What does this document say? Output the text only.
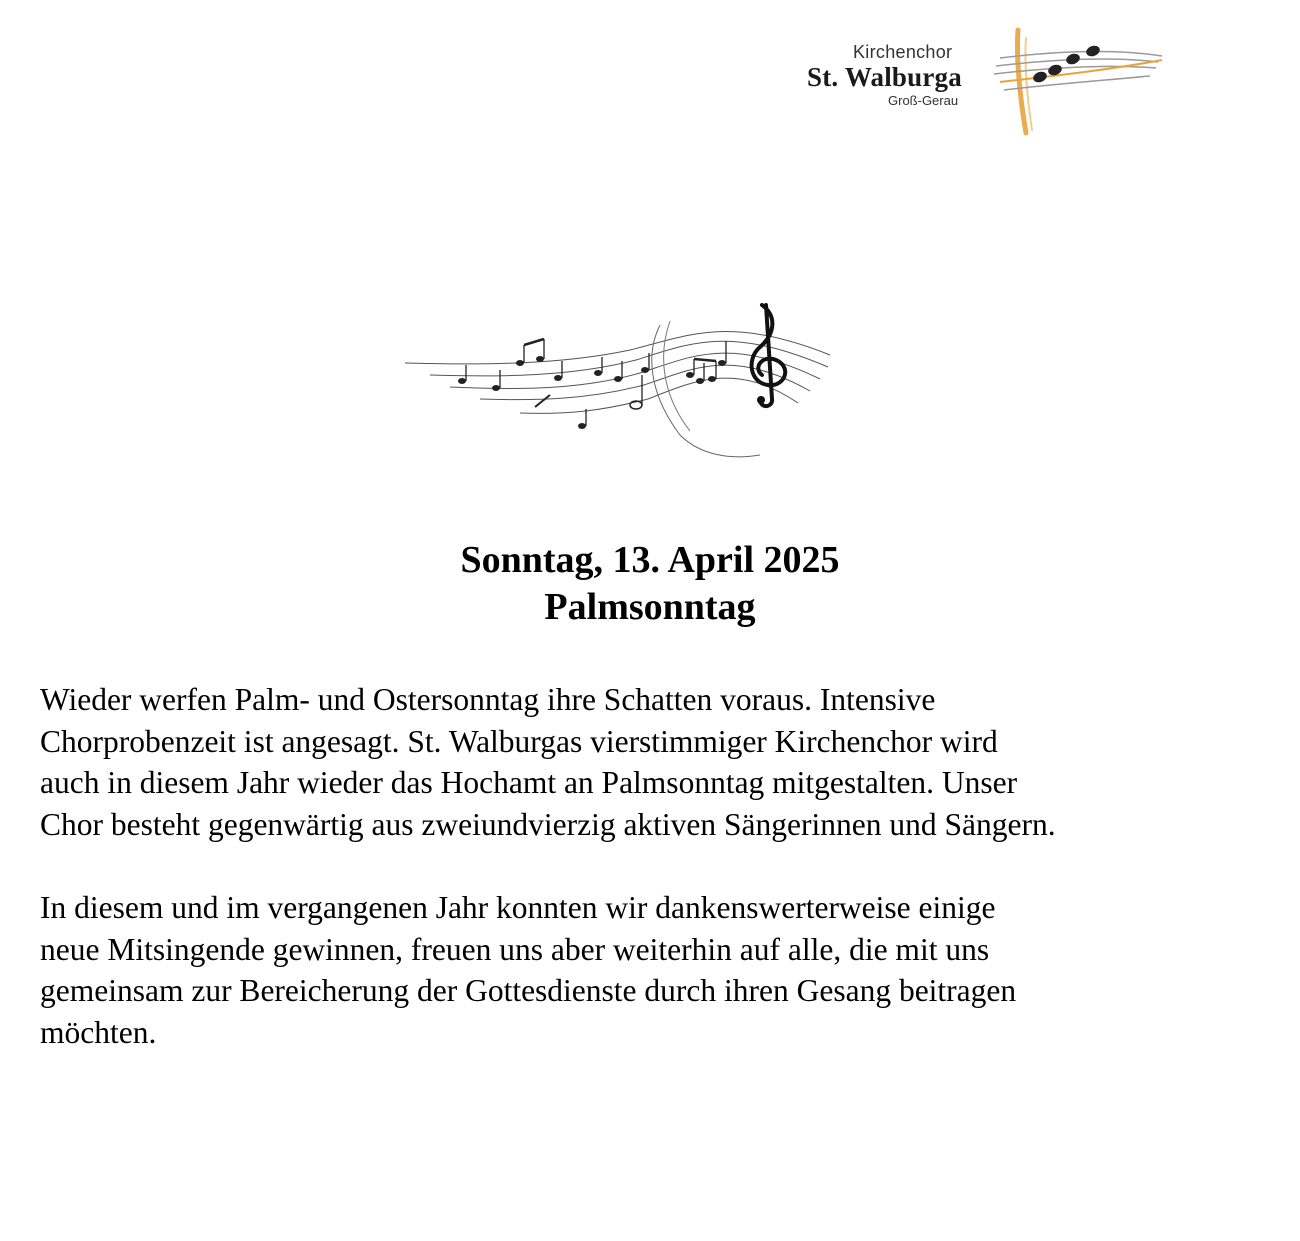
Kirchenchor
St. Walburga
Groß-Gerau
Sonntag, 13. April 2025
Palmsonntag

Wieder werfen Palm- und Ostersonntag ihre Schatten voraus. Intensive
Chorprobenzeit ist angesagt. St. Walburgas vierstimmiger Kirchenchor wird
auch in diesem Jahr wieder das Hochamt an Palmsonntag mitgestalten. Unser
Chor besteht gegenwärtig aus zweiundvierzig aktiven Sängerinnen und Sängern.

In diesem und im vergangenen Jahr konnten wir dankenswerterweise einige
neue Mitsingende gewinnen, freuen uns aber weiterhin auf alle, die mit uns
gemeinsam zur Bereicherung der Gottesdienste durch ihren Gesang beitragen
möchten.
